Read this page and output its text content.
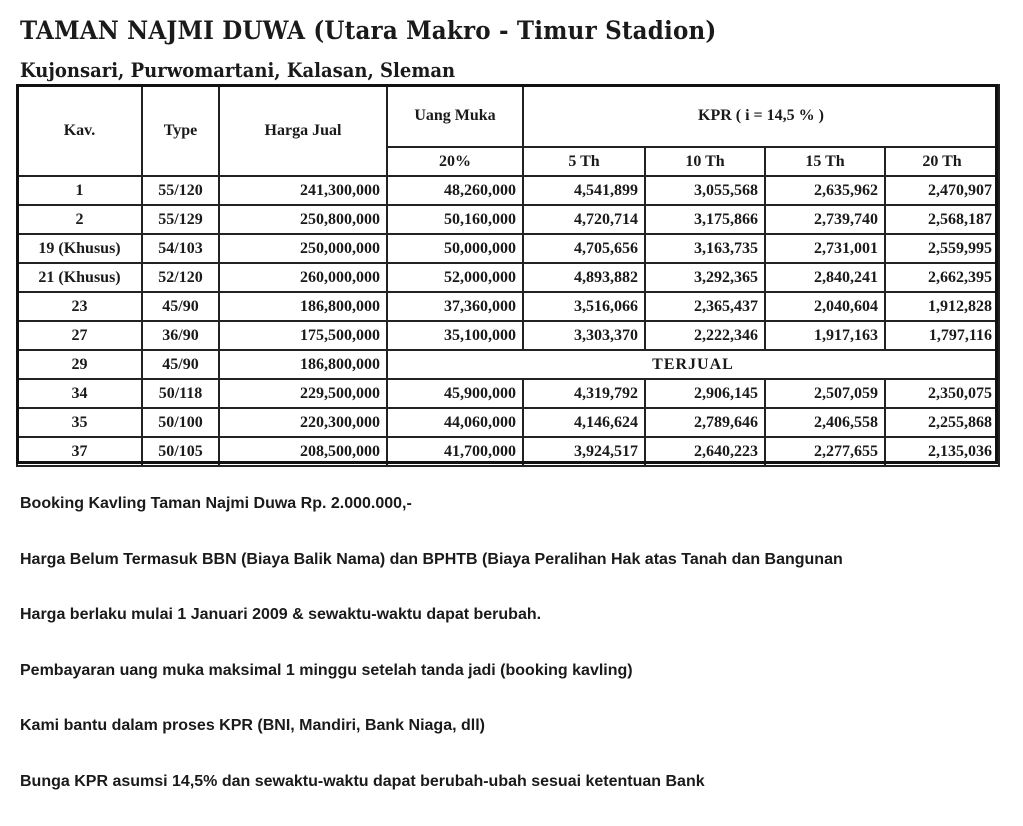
TAMAN NAJMI DUWA (Utara Makro - Timur Stadion)
Kujonsari, Purwomartani, Kalasan, Sleman
Kav.	Type	Harga Jual	Uang Muka	KPR ( i = 14,5 % )			
			20%	5 Th	10 Th	15 Th	20 Th
1	55/120	241,300,000	48,260,000	4,541,899	3,055,568	2,635,962	2,470,907
2	55/129	250,800,000	50,160,000	4,720,714	3,175,866	2,739,740	2,568,187
19 (Khusus)	54/103	250,000,000	50,000,000	4,705,656	3,163,735	2,731,001	2,559,995
21 (Khusus)	52/120	260,000,000	52,000,000	4,893,882	3,292,365	2,840,241	2,662,395
23	45/90	186,800,000	37,360,000	3,516,066	2,365,437	2,040,604	1,912,828
27	36/90	175,500,000	35,100,000	3,303,370	2,222,346	1,917,163	1,797,116
29	45/90	186,800,000	TERJUAL				
34	50/118	229,500,000	45,900,000	4,319,792	2,906,145	2,507,059	2,350,075
35	50/100	220,300,000	44,060,000	4,146,624	2,789,646	2,406,558	2,255,868
37	50/105	208,500,000	41,700,000	3,924,517	2,640,223	2,277,655	2,135,036

Booking Kavling Taman Najmi Duwa Rp. 2.000.000,-

Harga Belum Termasuk BBN (Biaya Balik Nama) dan BPHTB (Biaya Peralihan Hak atas Tanah dan Bangunan

Harga berlaku mulai 1 Januari 2009 & sewaktu-waktu dapat berubah.

Pembayaran uang muka maksimal 1 minggu setelah tanda jadi (booking kavling)

Kami bantu dalam proses KPR (BNI, Mandiri, Bank Niaga, dll)

Bunga KPR asumsi 14,5% dan sewaktu-waktu dapat berubah-ubah sesuai ketentuan Bank
